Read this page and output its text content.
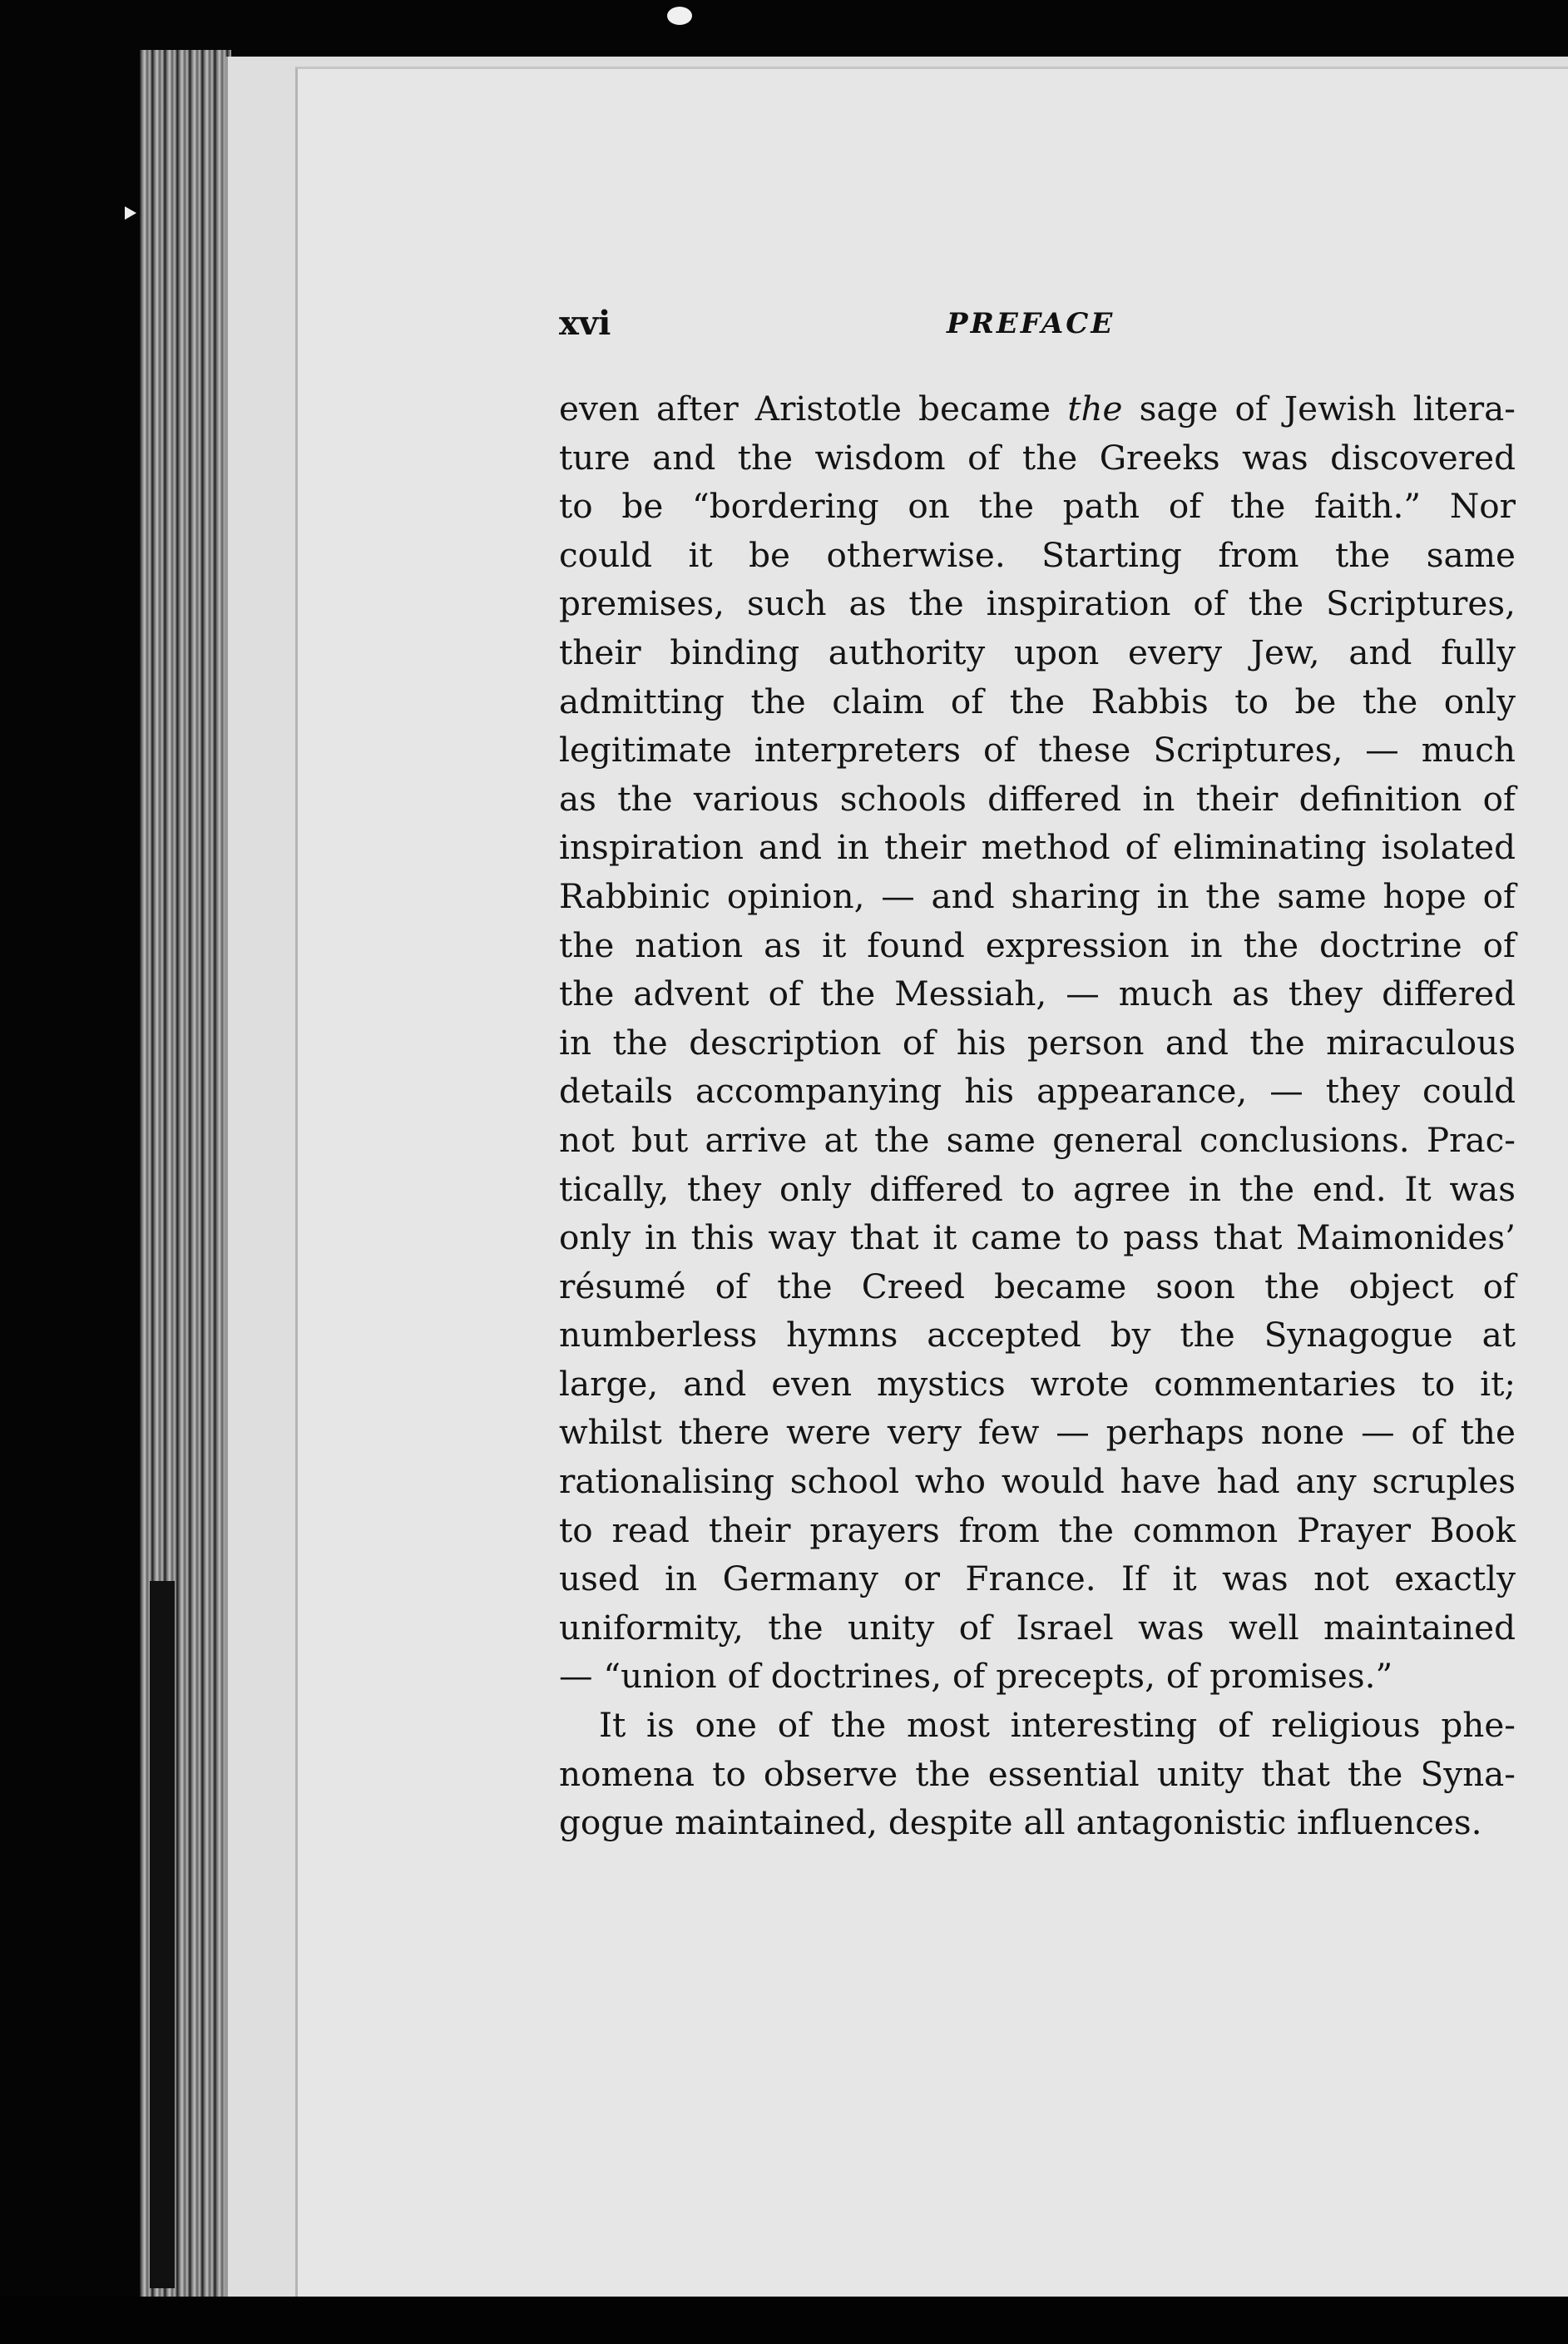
xvi	PREFACE
even after Aristotle became the sage of Jewish litera-
ture and the wisdom of the Greeks was discovered
to be “bordering on the path of the faith.” Nor
could it be otherwise. Starting from the same
premises, such as the inspiration of the Scriptures,
their binding authority upon every Jew, and fully
admitting the claim of the Rabbis to be the only
legitimate interpreters of these Scriptures, — much
as the various schools differed in their definition of
inspiration and in their method of eliminating isolated
Rabbinic opinion, — and sharing in the same hope of
the nation as it found expression in the doctrine of
the advent of the Messiah, — much as they differed
in the description of his person and the miraculous
details accompanying his appearance, — they could
not but arrive at the same general conclusions. Prac-
tically, they only differed to agree in the end. It was
only in this way that it came to pass that Maimonides’
résumé of the Creed became soon the object of
numberless hymns accepted by the Synagogue at
large, and even mystics wrote commentaries to it;
whilst there were very few — perhaps none — of the
rationalising school who would have had any scruples
to read their prayers from the common Prayer Book
used in Germany or France. If it was not exactly
uniformity, the unity of Israel was well maintained
— “union of doctrines, of precepts, of promises.”
It is one of the most interesting of religious phe-
nomena to observe the essential unity that the Syna-
gogue maintained, despite all antagonistic influences.
